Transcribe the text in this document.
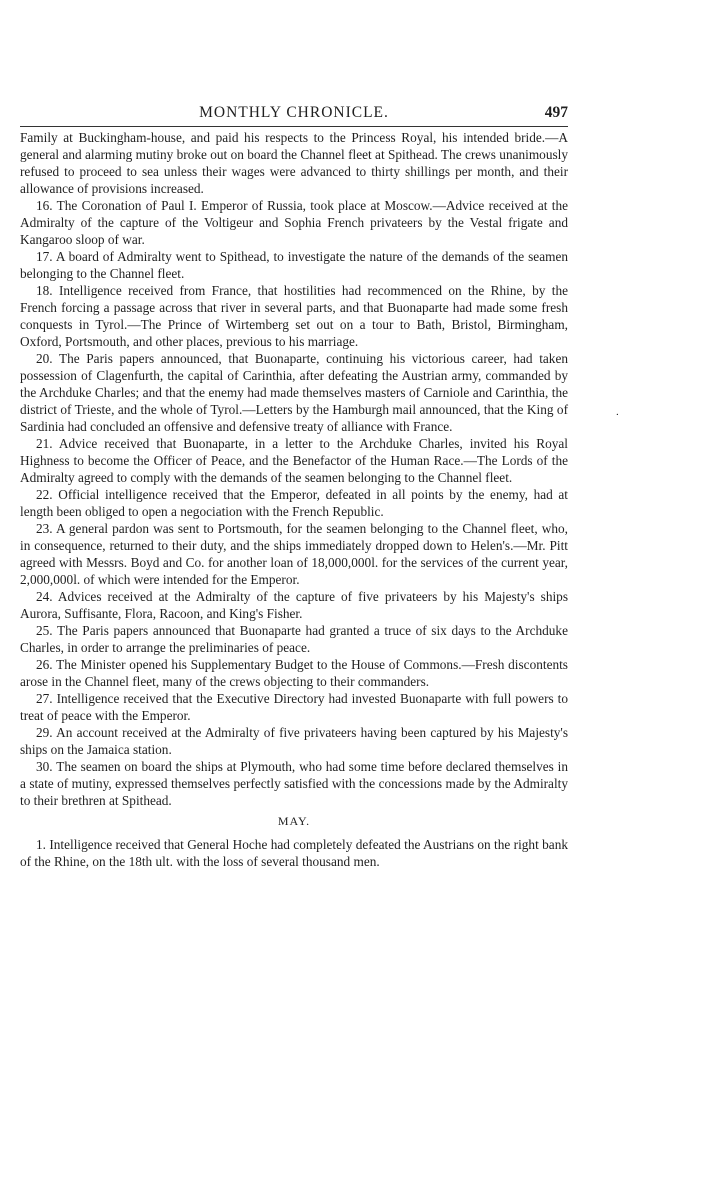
MONTHLY CHRONICLE.	497

Family at Buckingham-house, and paid his respects to the Princess Royal, his intended bride.—A general and alarming mutiny broke out on board the Channel fleet at Spithead. The crews unanimously refused to proceed to sea unless their wages were advanced to thirty shillings per month, and their allowance of provisions increased.

16. The Coronation of Paul I. Emperor of Russia, took place at Moscow.—Advice received at the Admiralty of the capture of the Voltigeur and Sophia French privateers by the Vestal frigate and Kangaroo sloop of war.

17. A board of Admiralty went to Spithead, to investigate the nature of the demands of the seamen belonging to the Channel fleet.

18. Intelligence received from France, that hostilities had recommenced on the Rhine, by the French forcing a passage across that river in several parts, and that Buonaparte had made some fresh conquests in Tyrol.—The Prince of Wirtemberg set out on a tour to Bath, Bristol, Birmingham, Oxford, Portsmouth, and other places, previous to his marriage.

20. The Paris papers announced, that Buonaparte, continuing his victorious career, had taken possession of Clagenfurth, the capital of Carinthia, after defeating the Austrian army, commanded by the Archduke Charles; and that the enemy had made themselves masters of Carniole and Carinthia, the district of Trieste, and the whole of Tyrol.—Letters by the Hamburgh mail announced, that the King of Sardinia had concluded an offensive and defensive treaty of alliance with France.

21. Advice received that Buonaparte, in a letter to the Archduke Charles, invited his Royal Highness to become the Officer of Peace, and the Benefactor of the Human Race.—The Lords of the Admiralty agreed to comply with the demands of the seamen belonging to the Channel fleet.

22. Official intelligence received that the Emperor, defeated in all points by the enemy, had at length been obliged to open a negociation with the French Republic.

23. A general pardon was sent to Portsmouth, for the seamen belonging to the Channel fleet, who, in consequence, returned to their duty, and the ships immediately dropped down to Helen's.—Mr. Pitt agreed with Messrs. Boyd and Co. for another loan of 18,000,000l. for the services of the current year, 2,000,000l. of which were intended for the Emperor.

24. Advices received at the Admiralty of the capture of five privateers by his Majesty's ships Aurora, Suffisante, Flora, Racoon, and King's Fisher.

25. The Paris papers announced that Buonaparte had granted a truce of six days to the Archduke Charles, in order to arrange the preliminaries of peace.

26. The Minister opened his Supplementary Budget to the House of Commons.—Fresh discontents arose in the Channel fleet, many of the crews objecting to their commanders.

27. Intelligence received that the Executive Directory had invested Buonaparte with full powers to treat of peace with the Emperor.

29. An account received at the Admiralty of five privateers having been captured by his Majesty's ships on the Jamaica station.

30. The seamen on board the ships at Plymouth, who had some time before declared themselves in a state of mutiny, expressed themselves perfectly satisfied with the concessions made by the Admiralty to their brethren at Spithead.

MAY.

1. Intelligence received that General Hoche had completely defeated the Austrians on the right bank of the Rhine, on the 18th ult. with the loss of several thousand men.

.
